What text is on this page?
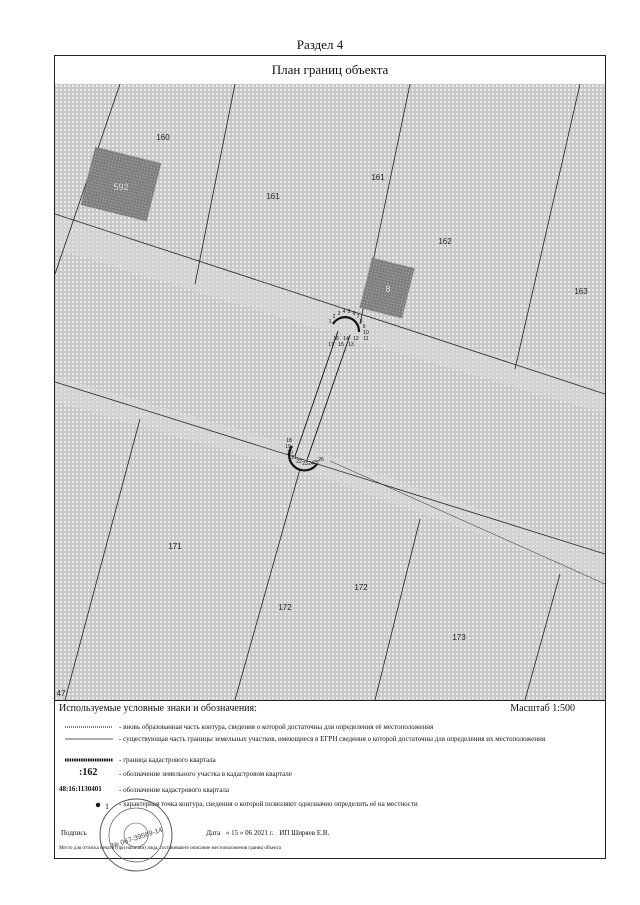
Раздел 4
План границ объекта
592
8
160
161
161
162
163
171
172
172
173
47
1
2 3 4 5 6 7
8
9
10
11
12
13
14
15
16
17
18
19
20
21
22 23 24 25 26
Используемые условные знаки и обозначения:	Масштаб 1:500
- вновь образованная часть контура, сведения о которой достаточны для определения её местоположения
- существующая часть границы земельных участков, имеющиеся в ЕГРН сведения о которой достаточны для определения их местоположения
- граница кадастрового квартала
:162	- обозначение земельного участка в кадастровом квартале
48:16:1130401	- обозначение кадастрового квартала
1	- характерная точка контура, сведения о которой позволяют однозначно определить её на местности
№ 067-39569-14
Подпись	Дата « 15 » 06 2021 г. ИП Ширяев Е.В.
Место для оттиска печати (при наличии) лица, составившего описание местоположения границ объекта
